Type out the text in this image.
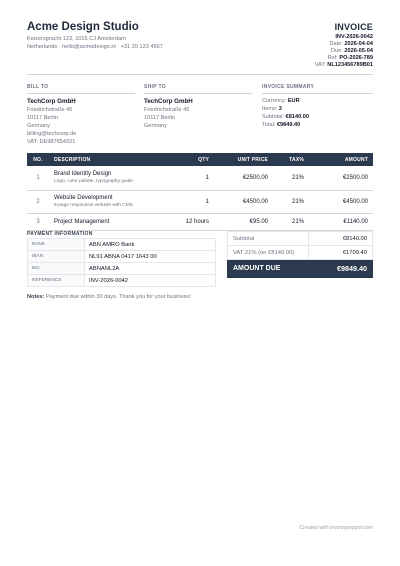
Acme Design Studio
Keizersgracht 123, 1015 CJ Amsterdam
Netherlands · hello@acmedesign.nl · +31 20 123 4567
INVOICE
INV-2026-0042
Date: 2026-04-04
Due: 2026-05-04
Ref: PO-2026-789
VAT: NL123456789B01
BILL TO
TechCorp GmbH
Friedrichstraße 45
10117 Berlin
Germany
billing@techcorp.de
VAT: DE987654321
SHIP TO
TechCorp GmbH
Friedrichstraße 45
10117 Berlin
Germany
INVOICE SUMMARY
Currency: EUR
Items: 3
Subtotal: €8140.00
Total: €9849.40
NO.	DESCRIPTION	QTY	UNIT PRICE	TAX%	AMOUNT
1	Brand Identity Design
Logo, color palette, typography guide	1	€2500.00	21%	€2500.00
2	Website Development
5-page responsive website with CMS	1	€4500.00	21%	€4500.00
3	Project Management	12 hours	€95.00	21%	€1140.00
PAYMENT INFORMATION
BANK	ABN AMRO Bank
IBAN	NL91 ABNA 0417 1643 00
BIC	ABNANL2A
REFERENCE	INV-2026-0042
Subtotal	€8140.00
VAT 21% (on €8140.00)	€1709.40
AMOUNT DUE	€9849.40
Notes: Payment due within 30 days. Thank you for your business!
Created with invoicepeppol.com
